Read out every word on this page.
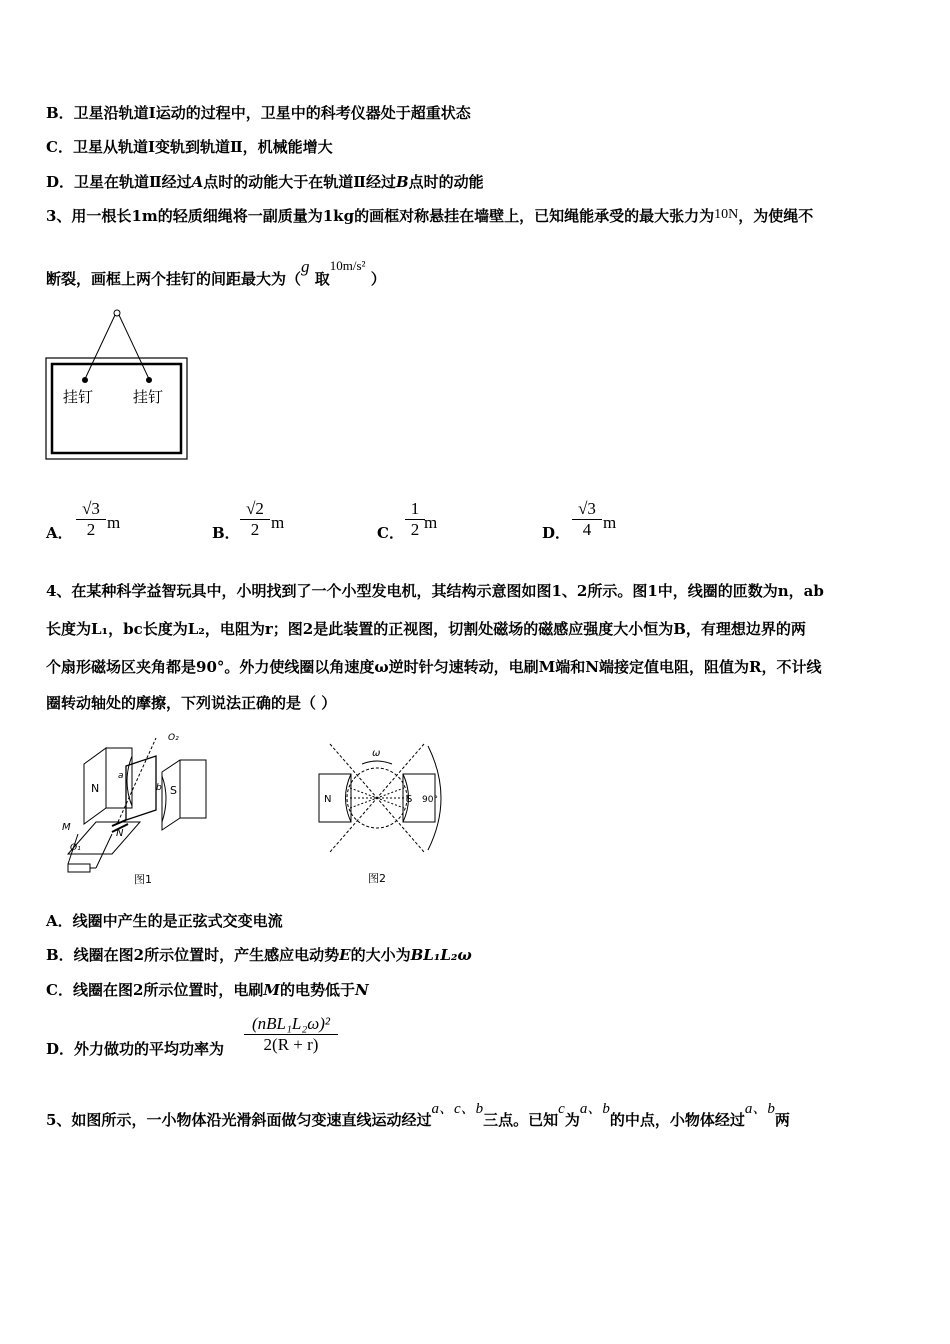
B．卫星沿轨道Ⅰ运动的过程中，卫星中的科考仪器处于超重状态
C．卫星从轨道Ⅰ变轨到轨道Ⅱ，机械能增大
D．卫星在轨道Ⅱ经过A点时的动能大于在轨道Ⅱ经过B点时的动能
3、用一根长1m的轻质细绳将一副质量为1kg的画框对称悬挂在墙壁上，已知绳能承受的最大张力为10N，为使绳不
断裂，画框上两个挂钉的间距最大为（g 取10m/s² ）
挂钉	挂钉
A． $\frac{√3}{2}$ m
B． $\frac{√2}{2}$ m
C． $\frac{1}{2}$ m
D． $\frac{√3}{4}$ m
4、在某种科学益智玩具中，小明找到了一个小型发电机，其结构示意图如图1、2所示。图1中，线圈的匝数为n，ab
长度为L₁，bc长度为L₂，电阻为r；图2是此装置的正视图，切割处磁场的磁感应强度大小恒为B，有理想边界的两
个扇形磁场区夹角都是90°。外力使线圈以角速度ω逆时针匀速转动，电刷M端和N端接定值电阻，阻值为R，不计线
圈转动轴处的摩擦，下列说法正确的是（ ）
N	S
M
N
O₁
O₂
a
b
图1
N	S 90°
ω
图2
A．线圈中产生的是正弦式交变电流
B．线圈在图2所示位置时，产生感应电动势E的大小为BL₁L₂ω
C．线圈在图2所示位置时，电刷M的电势低于N
D．外力做功的平均功率为
(nBL₁L₂ω)²
2(R + r)
5、如图所示，一小物体沿光滑斜面做匀变速直线运动经过a、c、b三点。已知c为a、b的中点，小物体经过a、b两
